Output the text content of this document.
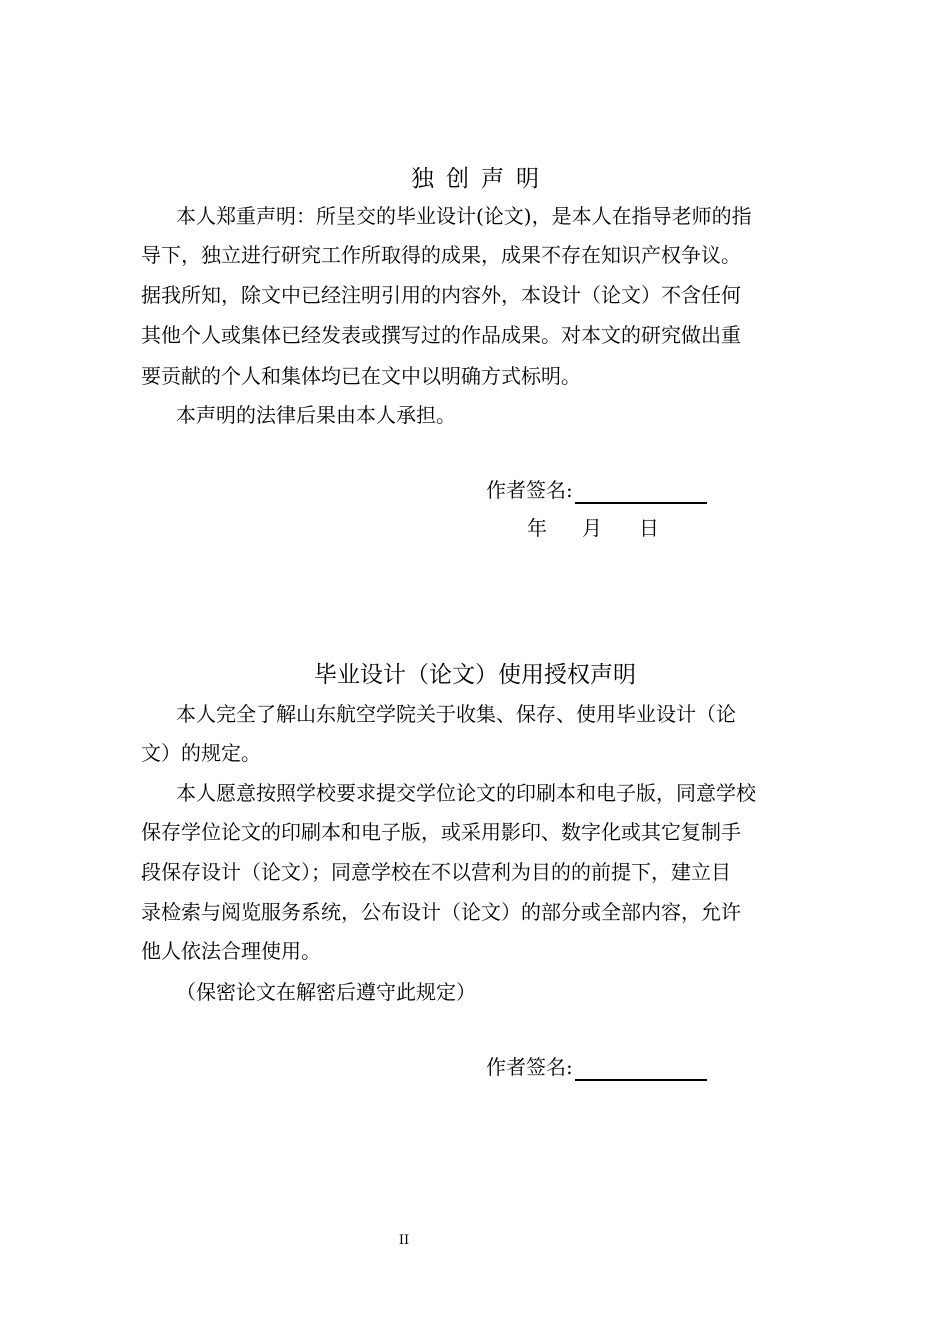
独创声明
本人郑重声明：所呈交的毕业设计(论文)，是本人在指导老师的指
导下，独立进行研究工作所取得的成果，成果不存在知识产权争议。
据我所知，除文中已经注明引用的内容外，本设计（论文）不含任何
其他个人或集体已经发表或撰写过的作品成果。对本文的研究做出重
要贡献的个人和集体均已在文中以明确方式标明。
本声明的法律后果由本人承担。
作者签名:
年 月 日
毕业设计（论文）使用授权声明
本人完全了解山东航空学院关于收集、保存、使用毕业设计（论
文）的规定。
本人愿意按照学校要求提交学位论文的印刷本和电子版，同意学校
保存学位论文的印刷本和电子版，或采用影印、数字化或其它复制手
段保存设计（论文）；同意学校在不以营利为目的的前提下，建立目
录检索与阅览服务系统，公布设计（论文）的部分或全部内容，允许
他人依法合理使用。
（保密论文在解密后遵守此规定）
作者签名:
II
